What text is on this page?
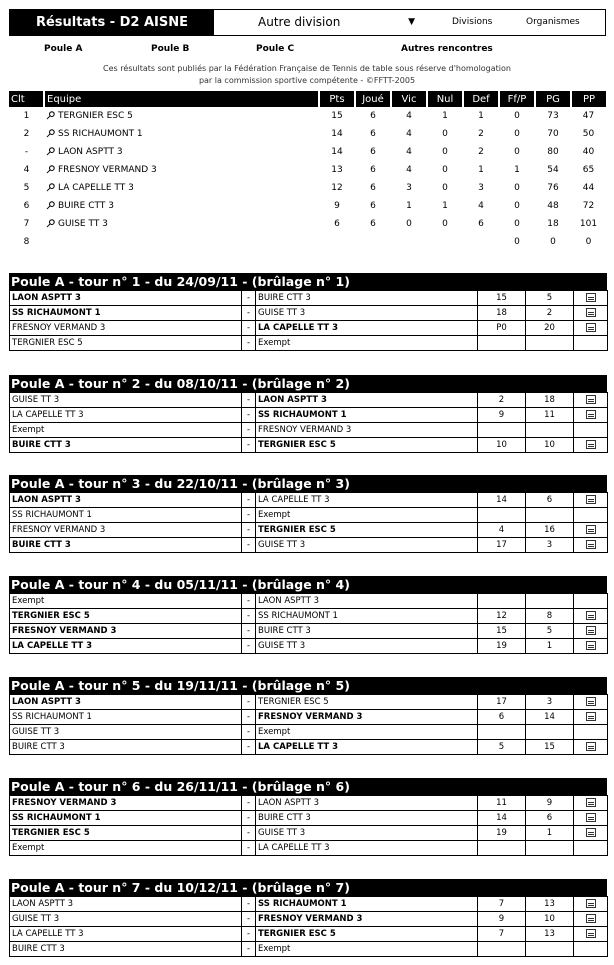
Résultats - D2 AISNE	Autre division	▼	Divisions	Organismes
Poule A	Poule B	Poule C	Autres rencontres
Ces résultats sont publiés par la Fédération Française de Tennis de table sous réserve d'homologation
par la commission sportive compétente - ©FFTT-2005
Clt	Equipe	Pts	Joué	Vic	Nul	Def	Ff/P	PG	PP
1	TERGNIER ESC 5	15	6	4	1	1	0	73	47
2	SS RICHAUMONT 1	14	6	4	0	2	0	70	50
-	LAON ASPTT 3	14	6	4	0	2	0	80	40
4	FRESNOY VERMAND 3	13	6	4	0	1	1	54	65
5	LA CAPELLE TT 3	12	6	3	0	3	0	76	44
6	BUIRE CTT 3	9	6	1	1	4	0	48	72
7	GUISE TT 3	6	6	0	0	6	0	18	101
8							0	0	0
Poule A - tour n° 1 - du 24/09/11 - (brûlage n° 1)
LAON ASPTT 3	-	BUIRE CTT 3	15	5	
SS RICHAUMONT 1	-	GUISE TT 3	18	2	
FRESNOY VERMAND 3	-	LA CAPELLE TT 3	P0	20	
TERGNIER ESC 5	-	Exempt			
Poule A - tour n° 2 - du 08/10/11 - (brûlage n° 2)
GUISE TT 3	-	LAON ASPTT 3	2	18	
LA CAPELLE TT 3	-	SS RICHAUMONT 1	9	11	
Exempt	-	FRESNOY VERMAND 3			
BUIRE CTT 3	-	TERGNIER ESC 5	10	10	
Poule A - tour n° 3 - du 22/10/11 - (brûlage n° 3)
LAON ASPTT 3	-	LA CAPELLE TT 3	14	6	
SS RICHAUMONT 1	-	Exempt			
FRESNOY VERMAND 3	-	TERGNIER ESC 5	4	16	
BUIRE CTT 3	-	GUISE TT 3	17	3	
Poule A - tour n° 4 - du 05/11/11 - (brûlage n° 4)
Exempt	-	LAON ASPTT 3			
TERGNIER ESC 5	-	SS RICHAUMONT 1	12	8	
FRESNOY VERMAND 3	-	BUIRE CTT 3	15	5	
LA CAPELLE TT 3	-	GUISE TT 3	19	1	
Poule A - tour n° 5 - du 19/11/11 - (brûlage n° 5)
LAON ASPTT 3	-	TERGNIER ESC 5	17	3	
SS RICHAUMONT 1	-	FRESNOY VERMAND 3	6	14	
GUISE TT 3	-	Exempt			
BUIRE CTT 3	-	LA CAPELLE TT 3	5	15	
Poule A - tour n° 6 - du 26/11/11 - (brûlage n° 6)
FRESNOY VERMAND 3	-	LAON ASPTT 3	11	9	
SS RICHAUMONT 1	-	BUIRE CTT 3	14	6	
TERGNIER ESC 5	-	GUISE TT 3	19	1	
Exempt	-	LA CAPELLE TT 3			
Poule A - tour n° 7 - du 10/12/11 - (brûlage n° 7)
LAON ASPTT 3	-	SS RICHAUMONT 1	7	13	
GUISE TT 3	-	FRESNOY VERMAND 3	9	10	
LA CAPELLE TT 3	-	TERGNIER ESC 5	7	13	
BUIRE CTT 3	-	Exempt			
